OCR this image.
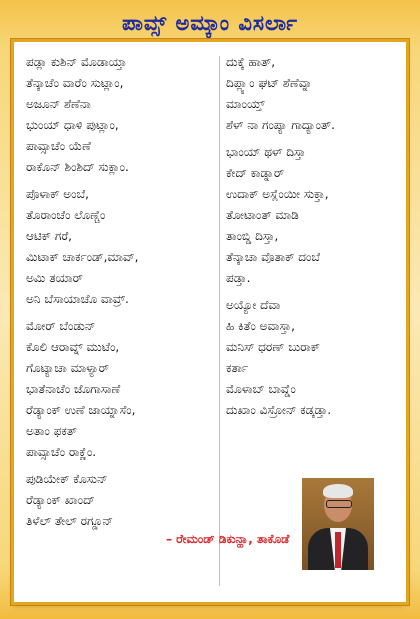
ಪಾವ್ಸ್ ಅಮ್ಕಾಂ ವಿಸರ್ಲಾ
ಪಡ್ಲಾ ಕುಶಿನ್ ಮೊಡಾಯ್ತಾ
ತೆನ್ಕಾಚೆಂ ವಾರೆಂ ಸುಟ್ಲಾಂ,
ಅಜೂನ್ ಶೆಣೆನಾ
ಭುಂಯ್ ಧಾಳಿ ಪುಟ್ಲಾಂ,
ಪಾವ್ಸಾಚೆಂ ಯೆಣೆ
ರಾಕೊನ್ ಶಿಂಶಿದ್ ಸುಕ್ಲಾಂ.
ಪೊಳಾಕ್ ಅಂಬೆ,
ತೊರಾಂಚೆಂ ಲೊಣ್ಚೆಂ
ಆಟಿಕ್ ಗರೆ,
ಮಿಟಾಕ್ ಚಾರ್ಕಂಡ್,ಮಾವ್,
ಅಮಿ ತಯಾರ್
ಅನಿ ಬೆಸಾಯಾಚೊ ವಾವ್ರ್.
ಮೋರ್ ಬೆಂಡುನ್
ಕೊಲಿ ಆರಾವ್ನ್ ಮುಟೆಂ,
ಗೊಟ್ಯಾಚಾ ಮಾಳ್ಯಾರ್
ಭಾತೆನಾಚೆಂ ಜೊಗಾಸಾಣೆ
ರೆಡ್ಯಾಂಕ್ ಉಣೆ ಜಾಯ್ನಾಸೆಂ,
ಅತಾಂ ಫಕತ್
ಪಾವ್ಸಾಚೆಂ ರಾಕ್ಣೆಂ.
ಪುಡಿಯೇಕ್ ಕೊಸುನ್
ರೆಡ್ಯಾಂಕ್ ಖಾಂದ್
ತಿಳೆಲ್ ತೇಲ್ ರಗ್ಡೂನ್
ದುಕ್ಕೆ ಹಾತ್,
ದಿಪ್ಲ್ಯಾಂ ಘಟ್ ಶೆಣೆವ್ನಾ
ಮಾಂಯ್ತ್
ಶೆಳ್ ನಾ ಗಂಪ್ಯಾ ಗಾದ್ಯಾಂತ್.
ಭಾಂಯ್ ಥಳ್ ದಿಸ್ತಾ
ಕೇದ್ ಕಾಡ್ನಾರ್
ಉದಾಕ್ ಅಸ್ಲೆಂಯೀ ಸುಕ್ತಾ,
ತೋಟಾಂತ್ ಮಾಡಿ
ತಾಂಬ್ಡಿ ದಿಸ್ತಾ,
ತೆನ್ಕಾಚಾ ವೊತಾಕ್ ದಂಬೆ
ಪಡ್ತಾ.
ಅಯ್ಯೋ ದೆವಾ
ಹಿ ಕಿತೆಂ ಅವಾಸ್ತಾ,
ಮನಿಸ್ ಧರಣ್ ಬುರಾಕ್
ಕರ್ತಾ
ಮೊಳಾಬ್ ಬಾವ್ಡೆಂ
ದುಖಾಂ ವಿಸ್ರೋನ್ ಕಡ್ಕಡ್ತಾ.
– ರೇಮಂಡ್ ಡಿಕುನ್ಹಾ, ತಾಕೊಡೆ
